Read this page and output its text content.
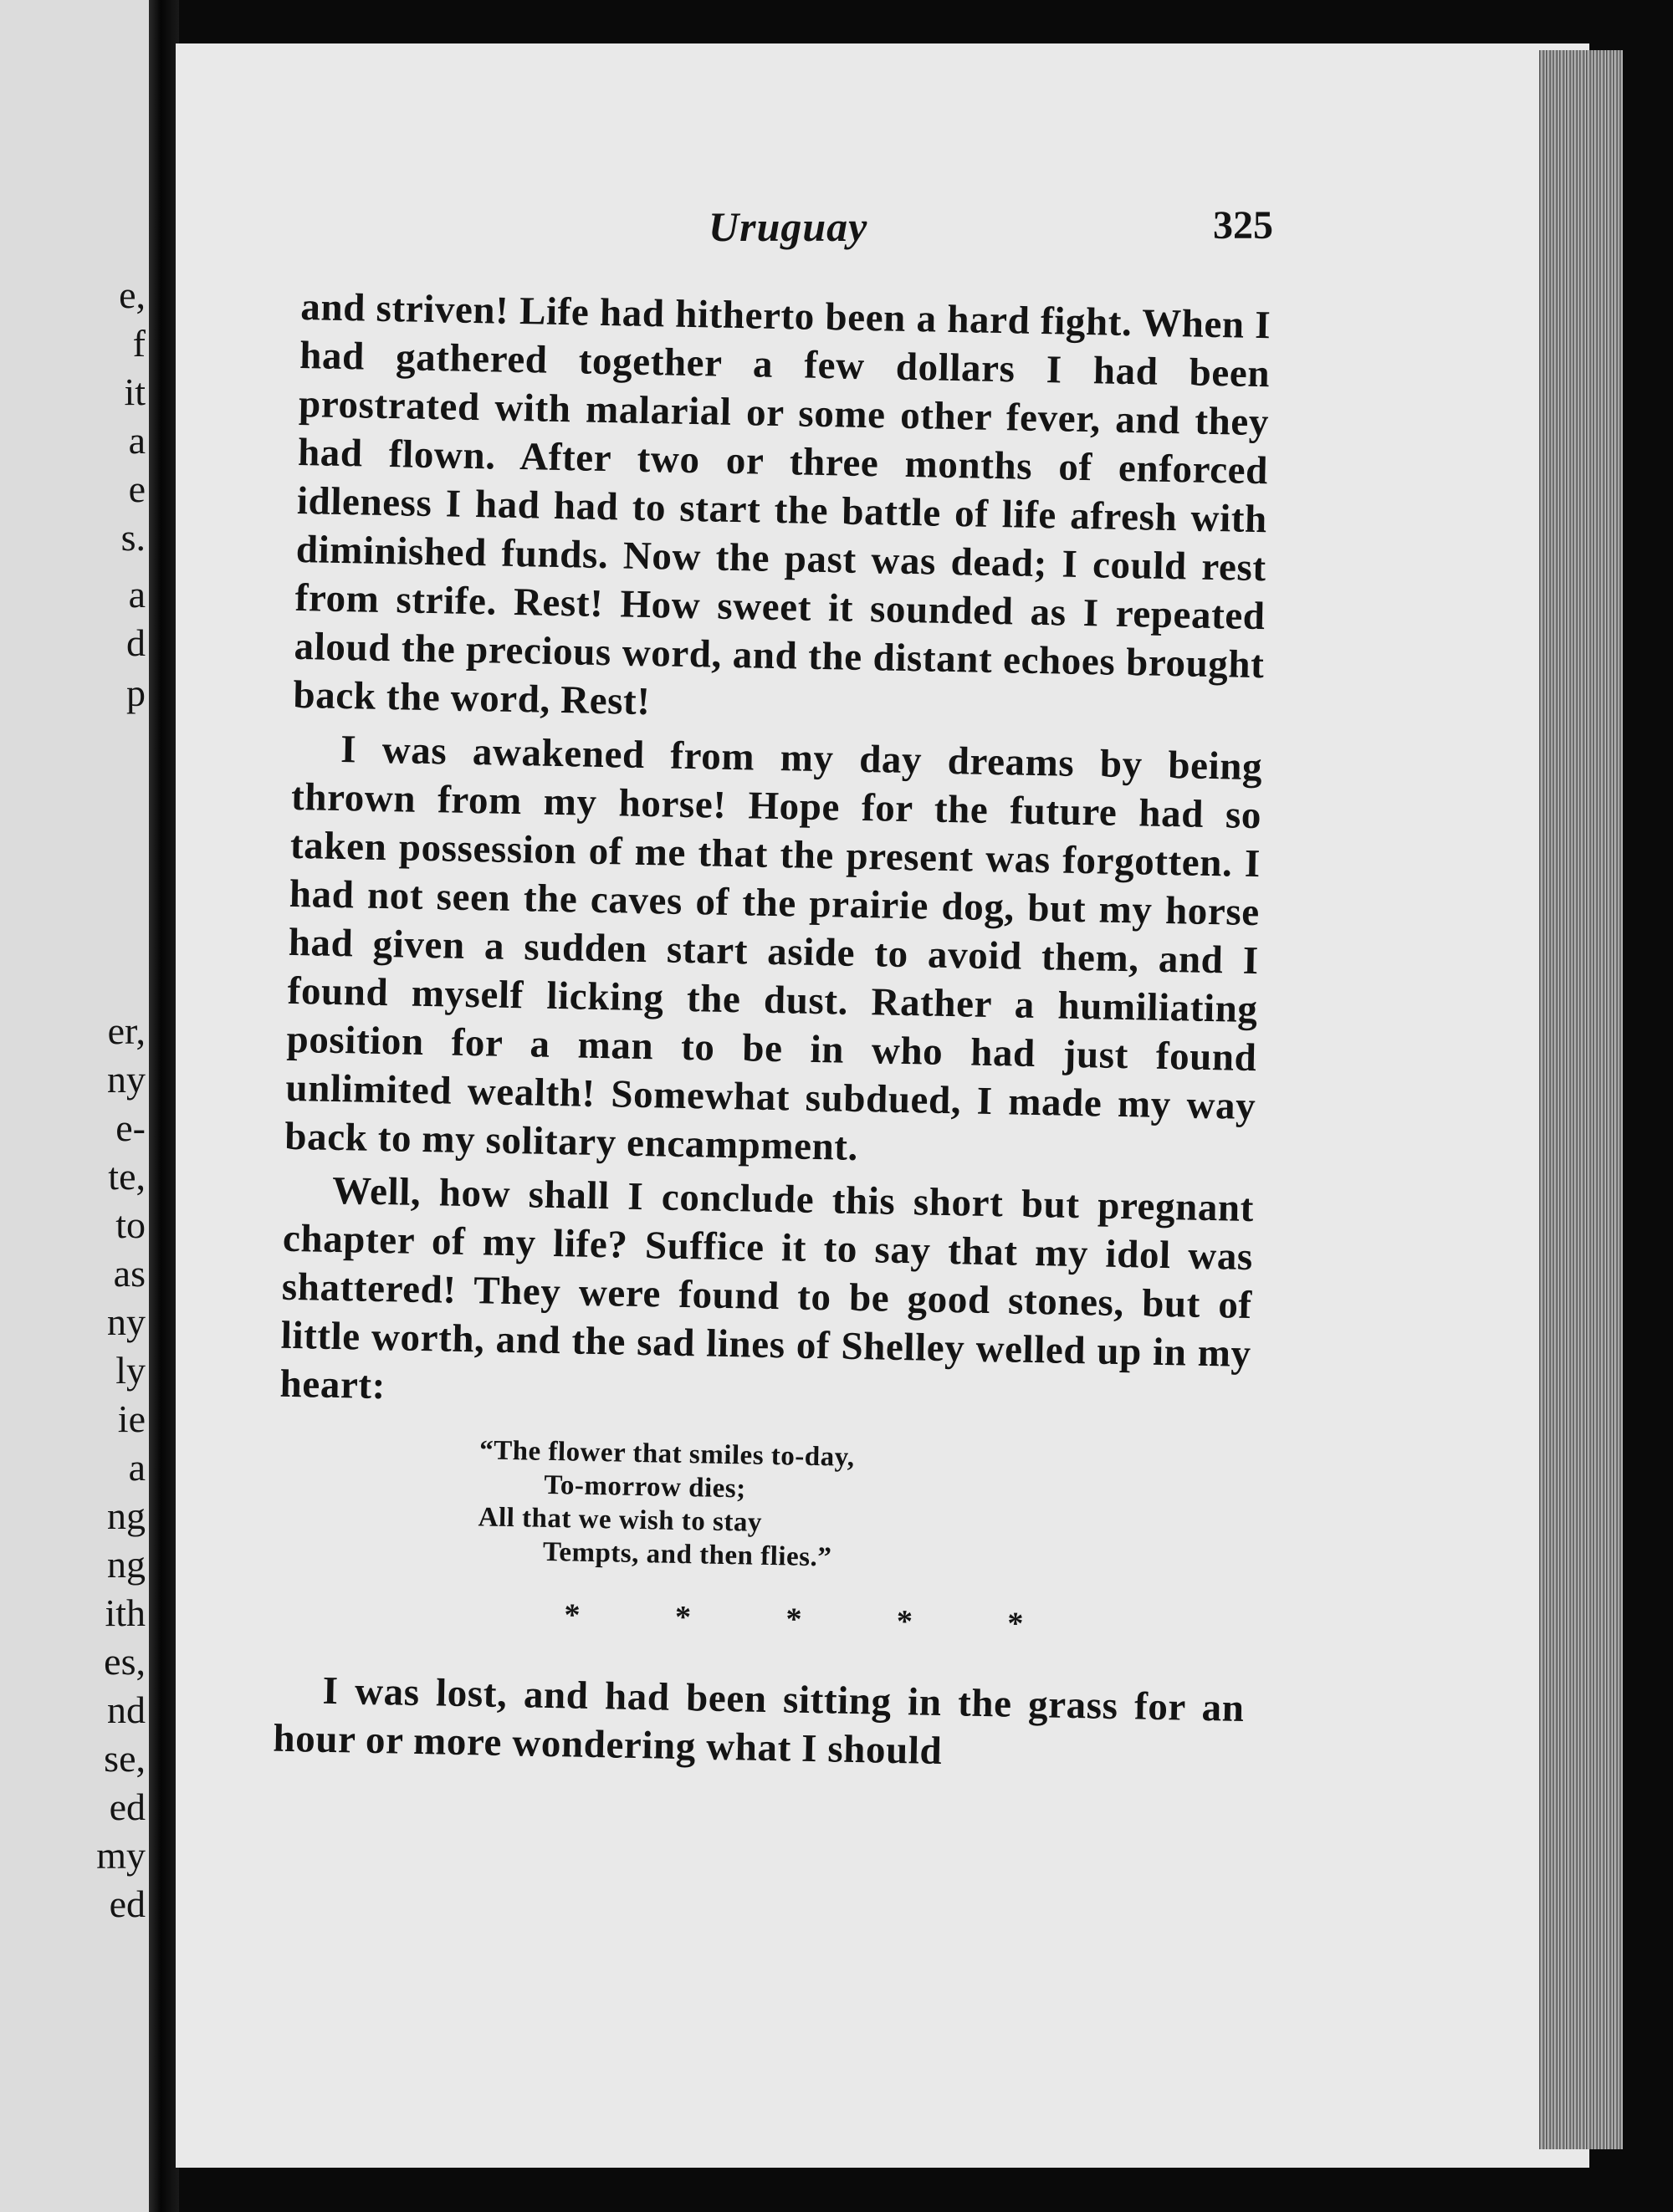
e,
f
it
a
e
s.
a
d
p
er,
ny
e-
te,
to
as
ny
ly
ie
a
ng
ng
ith
es,
nd
se,
ed
my
ed
Uruguay	325

and striven! Life had hitherto been a hard fight. When I had gathered together a few dollars I had been prostrated with malarial or some other fever, and they had flown. After two or three months of enforced idleness I had had to start the battle of life afresh with diminished funds. Now the past was dead; I could rest from strife. Rest! How sweet it sounded as I repeated aloud the precious word, and the distant echoes brought back the word, Rest!

I was awakened from my day dreams by being thrown from my horse! Hope for the future had so taken possession of me that the present was forgotten. I had not seen the caves of the prairie dog, but my horse had given a sudden start aside to avoid them, and I found myself licking the dust. Rather a humiliating position for a man to be in who had just found unlimited wealth! Somewhat subdued, I made my way back to my solitary encampment.

Well, how shall I conclude this short but pregnant chapter of my life? Suffice it to say that my idol was shattered! They were found to be good stones, but of little worth, and the sad lines of Shelley welled up in my heart:

“The flower that smiles to-day,
To-morrow dies;
All that we wish to stay
Tempts, and then flies.”
* * * * *

I was lost, and had been sitting in the grass for an hour or more wondering what I should
